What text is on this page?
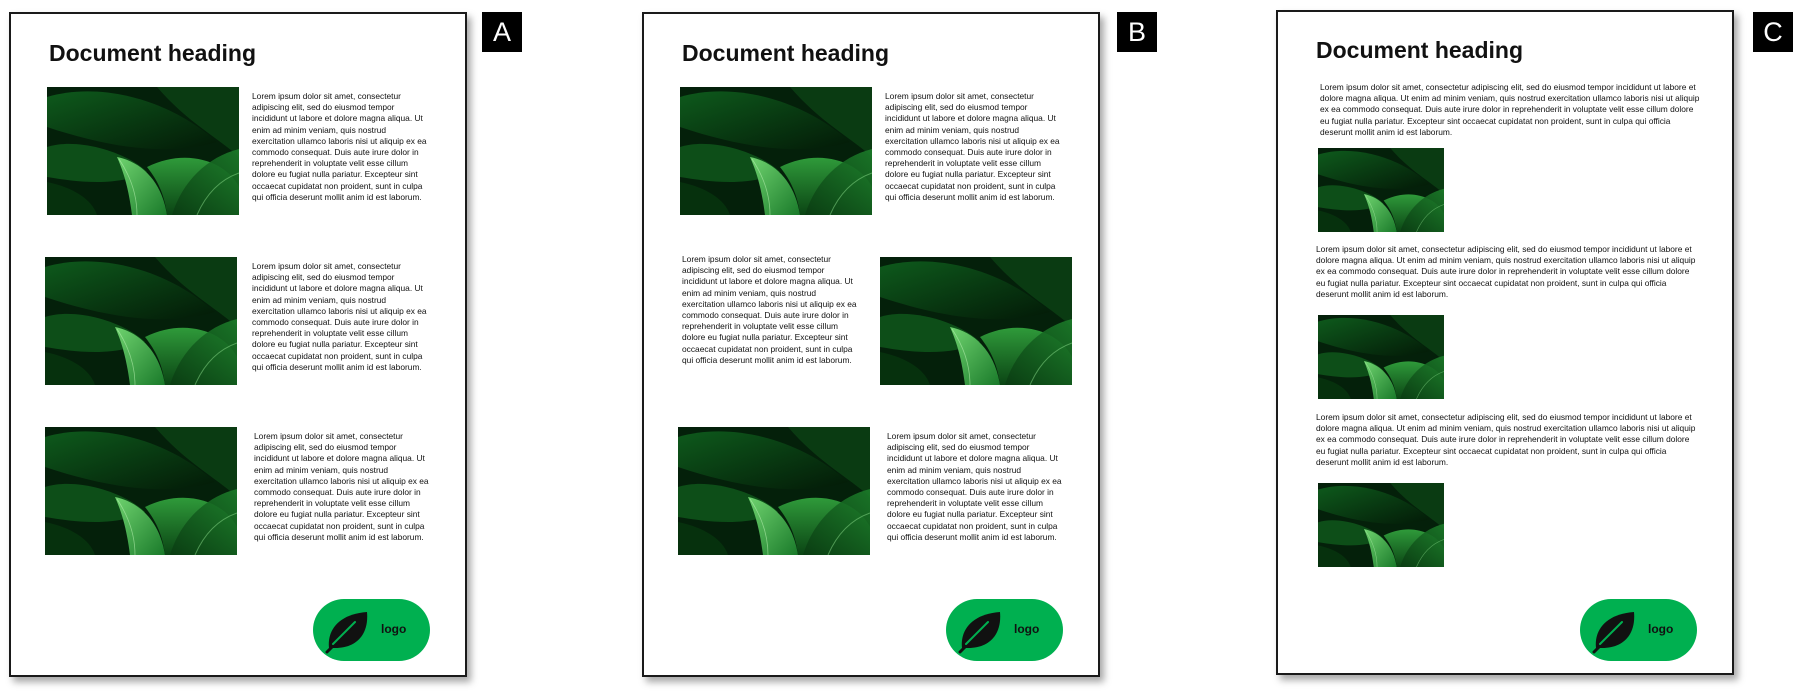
Document heading

Lorem ipsum dolor sit amet, consectetur adipiscing elit, sed do eiusmod tempor incididunt ut labore et dolore magna aliqua. Ut enim ad minim veniam, quis nostrud exercitation ullamco laboris nisi ut aliquip ex ea commodo consequat. Duis aute irure dolor in reprehenderit in voluptate velit esse cillum dolore eu fugiat nulla pariatur. Excepteur sint occaecat cupidatat non proident, sunt in culpa qui officia deserunt mollit anim id est laborum.

Lorem ipsum dolor sit amet, consectetur adipiscing elit, sed do eiusmod tempor incididunt ut labore et dolore magna aliqua. Ut enim ad minim veniam, quis nostrud exercitation ullamco laboris nisi ut aliquip ex ea commodo consequat. Duis aute irure dolor in reprehenderit in voluptate velit esse cillum dolore eu fugiat nulla pariatur. Excepteur sint occaecat cupidatat non proident, sunt in culpa qui officia deserunt mollit anim id est laborum.

Lorem ipsum dolor sit amet, consectetur adipiscing elit, sed do eiusmod tempor incididunt ut labore et dolore magna aliqua. Ut enim ad minim veniam, quis nostrud exercitation ullamco laboris nisi ut aliquip ex ea commodo consequat. Duis aute irure dolor in reprehenderit in voluptate velit esse cillum dolore eu fugiat nulla pariatur. Excepteur sint occaecat cupidatat non proident, sunt in culpa qui officia deserunt mollit anim id est laborum.

logo
A
Document heading

Lorem ipsum dolor sit amet, consectetur adipiscing elit, sed do eiusmod tempor incididunt ut labore et dolore magna aliqua. Ut enim ad minim veniam, quis nostrud exercitation ullamco laboris nisi ut aliquip ex ea commodo consequat. Duis aute irure dolor in reprehenderit in voluptate velit esse cillum dolore eu fugiat nulla pariatur. Excepteur sint occaecat cupidatat non proident, sunt in culpa qui officia deserunt mollit anim id est laborum.

Lorem ipsum dolor sit amet, consectetur adipiscing elit, sed do eiusmod tempor incididunt ut labore et dolore magna aliqua. Ut enim ad minim veniam, quis nostrud exercitation ullamco laboris nisi ut aliquip ex ea commodo consequat. Duis aute irure dolor in reprehenderit in voluptate velit esse cillum dolore eu fugiat nulla pariatur. Excepteur sint occaecat cupidatat non proident, sunt in culpa qui officia deserunt mollit anim id est laborum.

Lorem ipsum dolor sit amet, consectetur adipiscing elit, sed do eiusmod tempor incididunt ut labore et dolore magna aliqua. Ut enim ad minim veniam, quis nostrud exercitation ullamco laboris nisi ut aliquip ex ea commodo consequat. Duis aute irure dolor in reprehenderit in voluptate velit esse cillum dolore eu fugiat nulla pariatur. Excepteur sint occaecat cupidatat non proident, sunt in culpa qui officia deserunt mollit anim id est laborum.

logo
B
Document heading

Lorem ipsum dolor sit amet, consectetur adipiscing elit, sed do eiusmod tempor incididunt ut labore et dolore magna aliqua. Ut enim ad minim veniam, quis nostrud exercitation ullamco laboris nisi ut aliquip ex ea commodo consequat. Duis aute irure dolor in reprehenderit in voluptate velit esse cillum dolore eu fugiat nulla pariatur. Excepteur sint occaecat cupidatat non proident, sunt in culpa qui officia deserunt mollit anim id est laborum.

Lorem ipsum dolor sit amet, consectetur adipiscing elit, sed do eiusmod tempor incididunt ut labore et dolore magna aliqua. Ut enim ad minim veniam, quis nostrud exercitation ullamco laboris nisi ut aliquip ex ea commodo consequat. Duis aute irure dolor in reprehenderit in voluptate velit esse cillum dolore eu fugiat nulla pariatur. Excepteur sint occaecat cupidatat non proident, sunt in culpa qui officia deserunt mollit anim id est laborum.

Lorem ipsum dolor sit amet, consectetur adipiscing elit, sed do eiusmod tempor incididunt ut labore et dolore magna aliqua. Ut enim ad minim veniam, quis nostrud exercitation ullamco laboris nisi ut aliquip ex ea commodo consequat. Duis aute irure dolor in reprehenderit in voluptate velit esse cillum dolore eu fugiat nulla pariatur. Excepteur sint occaecat cupidatat non proident, sunt in culpa qui officia deserunt mollit anim id est laborum.

logo
C
